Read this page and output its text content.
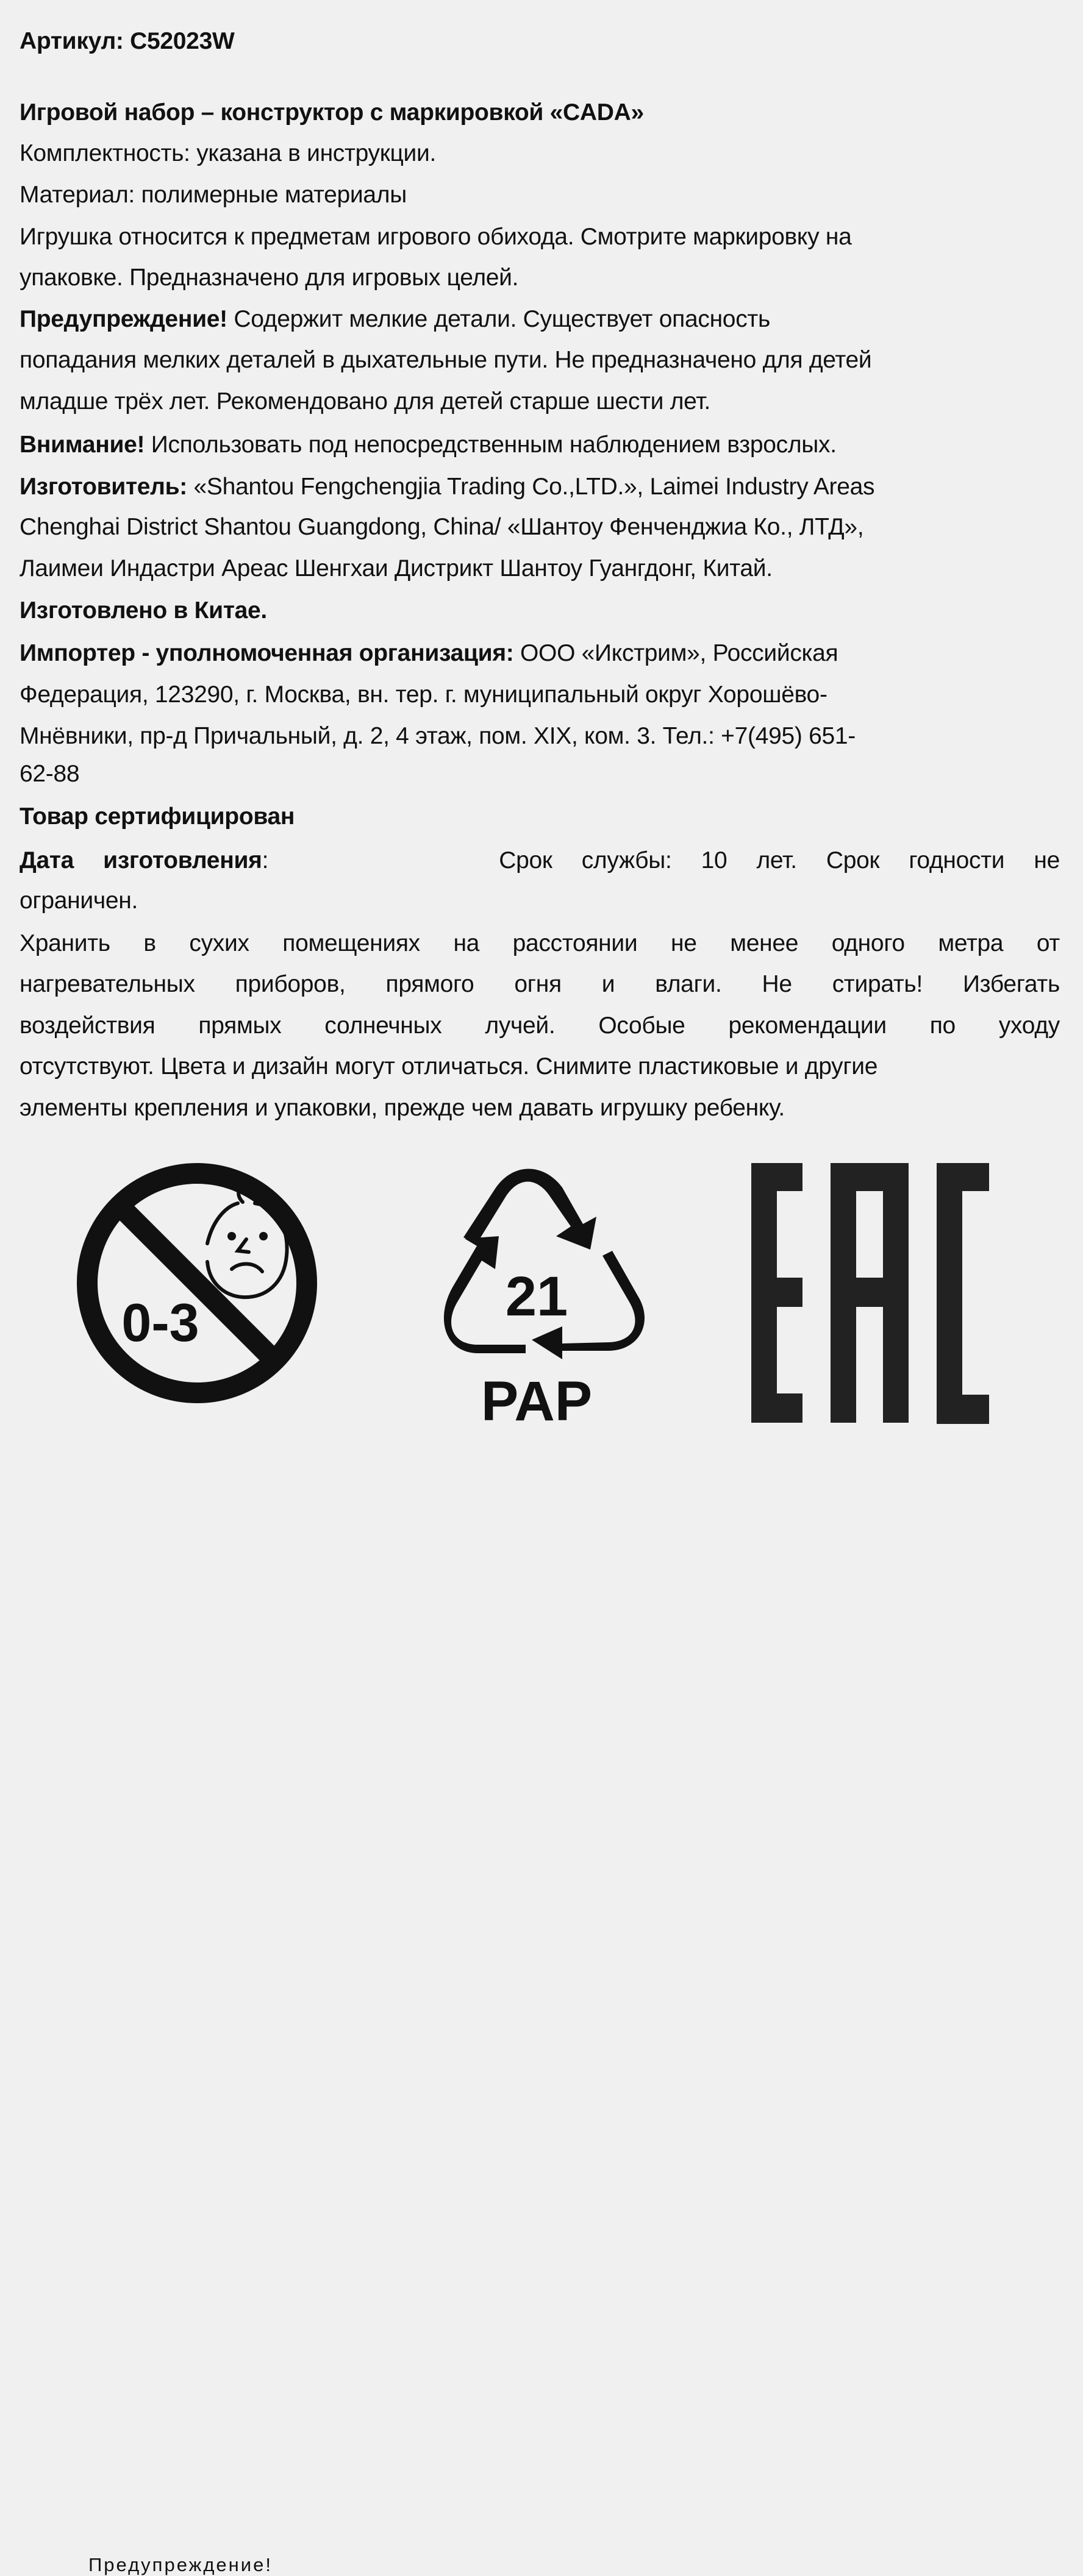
Артикул: C52023W
Игровой набор – конструктор с маркировкой «CADA»
Комплектность: указана в инструкции.
Материал: полимерные материалы
Игрушка относится к предметам игрового обихода. Смотрите маркировку на
упаковке. Предназначено для игровых целей.
Предупреждение! Содержит мелкие детали. Существует опасность
попадания мелких деталей в дыхательные пути. Не предназначено для детей
младше трёх лет. Рекомендовано для детей старше шести лет.
Внимание! Использовать под непосредственным наблюдением взрослых.
Изготовитель: «Shantou Fengchengjia Trading Co.,LTD.», Laimei Industry Areas
Chenghai District Shantou Guangdong, China/ «Шантоу Фенченджиа Ко., ЛТД»,
Лаимеи Индастри Ареас Шенгхаи Дистрикт Шантоу Гуангдонг, Китай.
Изготовлено в Китае.
Импортер - уполномоченная организация: ООО «Икстрим», Российская
Федерация, 123290, г. Москва, вн. тер. г. муниципальный округ Хорошёво-
Мнёвники, пр-д Причальный, д. 2, 4 этаж, пом. XIX, ком. 3. Тел.: +7(495) 651-
62-88
Товар сертифицирован
Дата изготовления:	Срок службы: 10 лет. Срок годности не
ограничен.
Хранить в сухих помещениях на расстоянии не менее одного метра от
нагревательных приборов, прямого огня и влаги. Не стирать! Избегать
воздействия прямых солнечных лучей. Особые рекомендации по уходу
отсутствуют. Цвета и дизайн могут отличаться. Снимите пластиковые и другие
элементы крепления и упаковки, прежде чем давать игрушку ребенку.
0-3
Предупреждение!
21
PAP
